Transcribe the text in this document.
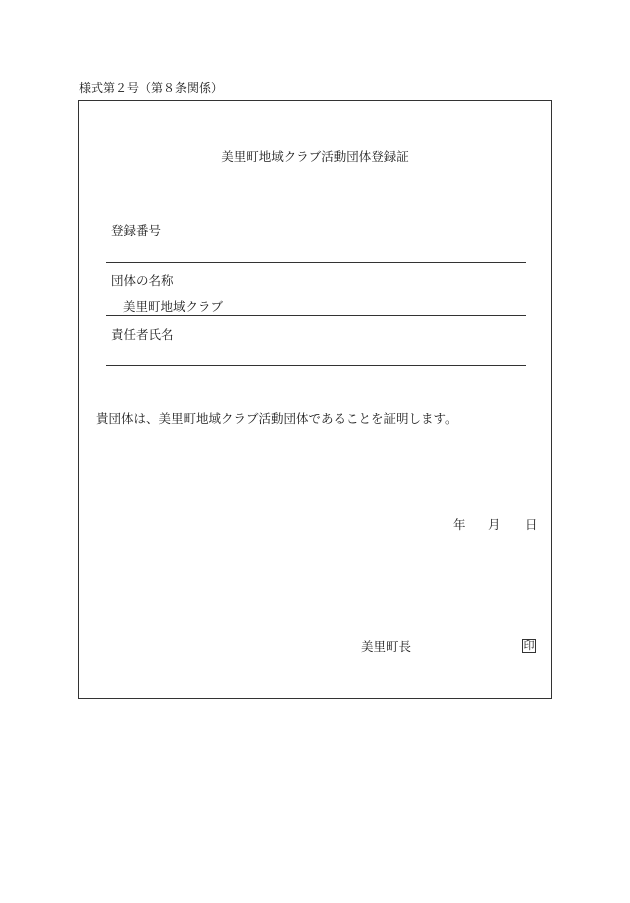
様式第２号（第８条関係）
美里町地域クラブ活動団体登録証
登録番号
団体の名称
美里町地域クラブ
責任者氏名
貴団体は、美里町地域クラブ活動団体であることを証明します。
年 月 日
美里町長	印
